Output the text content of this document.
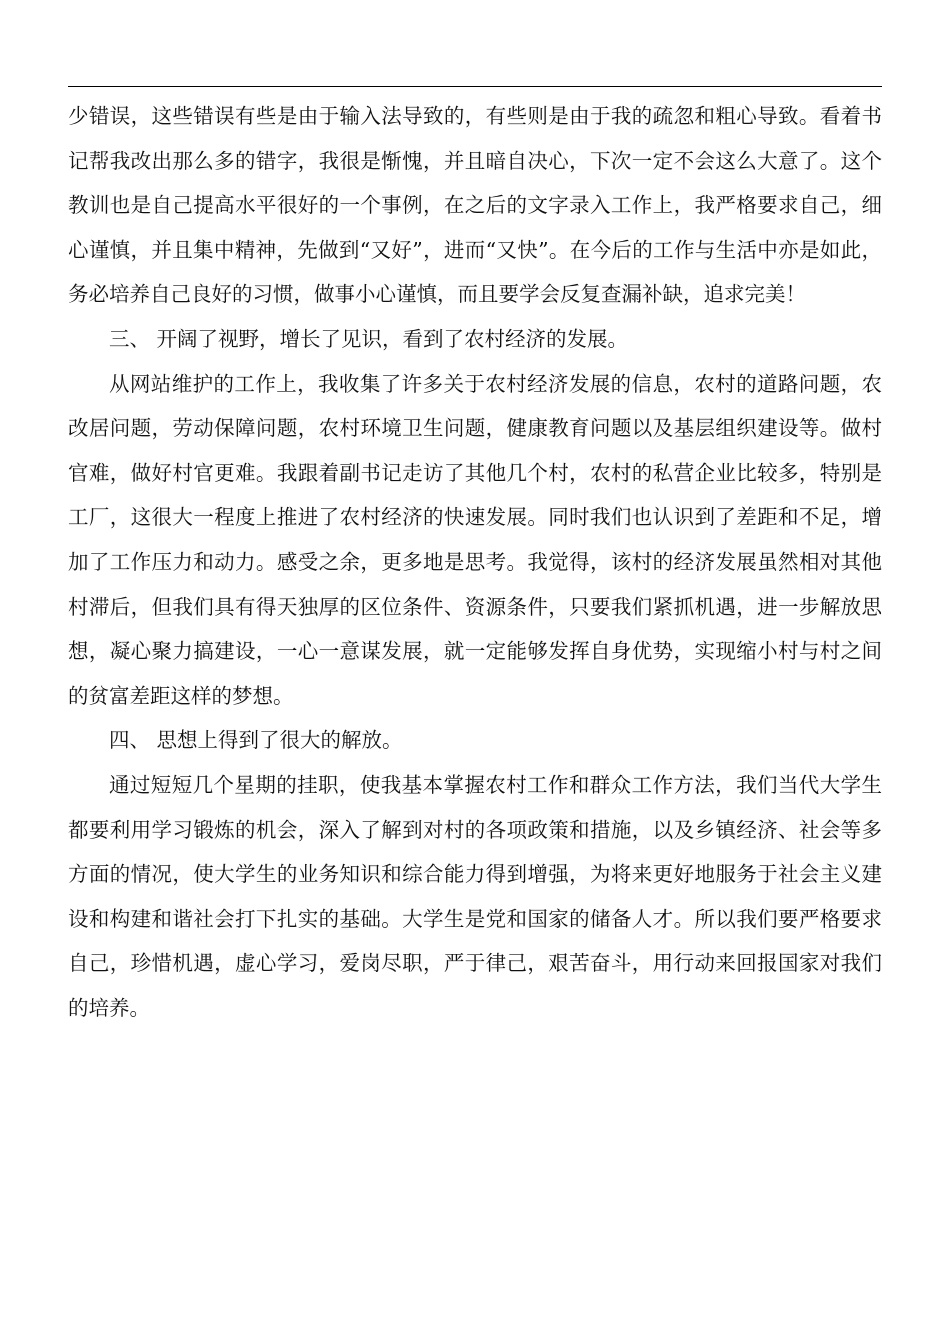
少错误，这些错误有些是由于输入法导致的，有些则是由于我的疏忽和粗心导致。看着书记帮我改出那么多的错字，我很是惭愧，并且暗自决心，下次一定不会这么大意了。这个教训也是自己提高水平很好的一个事例，在之后的文字录入工作上，我严格要求自己，细心谨慎，并且集中精神，先做到“又好”，进而“又快”。在今后的工作与生活中亦是如此，务必培养自己良好的习惯，做事小心谨慎，而且要学会反复查漏补缺，追求完美！

三、 开阔了视野，增长了见识，看到了农村经济的发展。

从网站维护的工作上，我收集了许多关于农村经济发展的信息，农村的道路问题，农改居问题，劳动保障问题，农村环境卫生问题，健康教育问题以及基层组织建设等。做村官难，做好村官更难。我跟着副书记走访了其他几个村，农村的私营企业比较多，特别是工厂，这很大一程度上推进了农村经济的快速发展。同时我们也认识到了差距和不足，增加了工作压力和动力。感受之余，更多地是思考。我觉得，该村的经济发展虽然相对其他村滞后，但我们具有得天独厚的区位条件、资源条件，只要我们紧抓机遇，进一步解放思想，凝心聚力搞建设，一心一意谋发展，就一定能够发挥自身优势，实现缩小村与村之间的贫富差距这样的梦想。

四、 思想上得到了很大的解放。

通过短短几个星期的挂职，使我基本掌握农村工作和群众工作方法，我们当代大学生都要利用学习锻炼的机会，深入了解到对村的各项政策和措施，以及乡镇经济、社会等多方面的情况，使大学生的业务知识和综合能力得到增强，为将来更好地服务于社会主义建设和构建和谐社会打下扎实的基础。大学生是党和国家的储备人才。所以我们要严格要求自己，珍惜机遇，虚心学习，爱岗尽职，严于律己，艰苦奋斗，用行动来回报国家对我们的培养。
